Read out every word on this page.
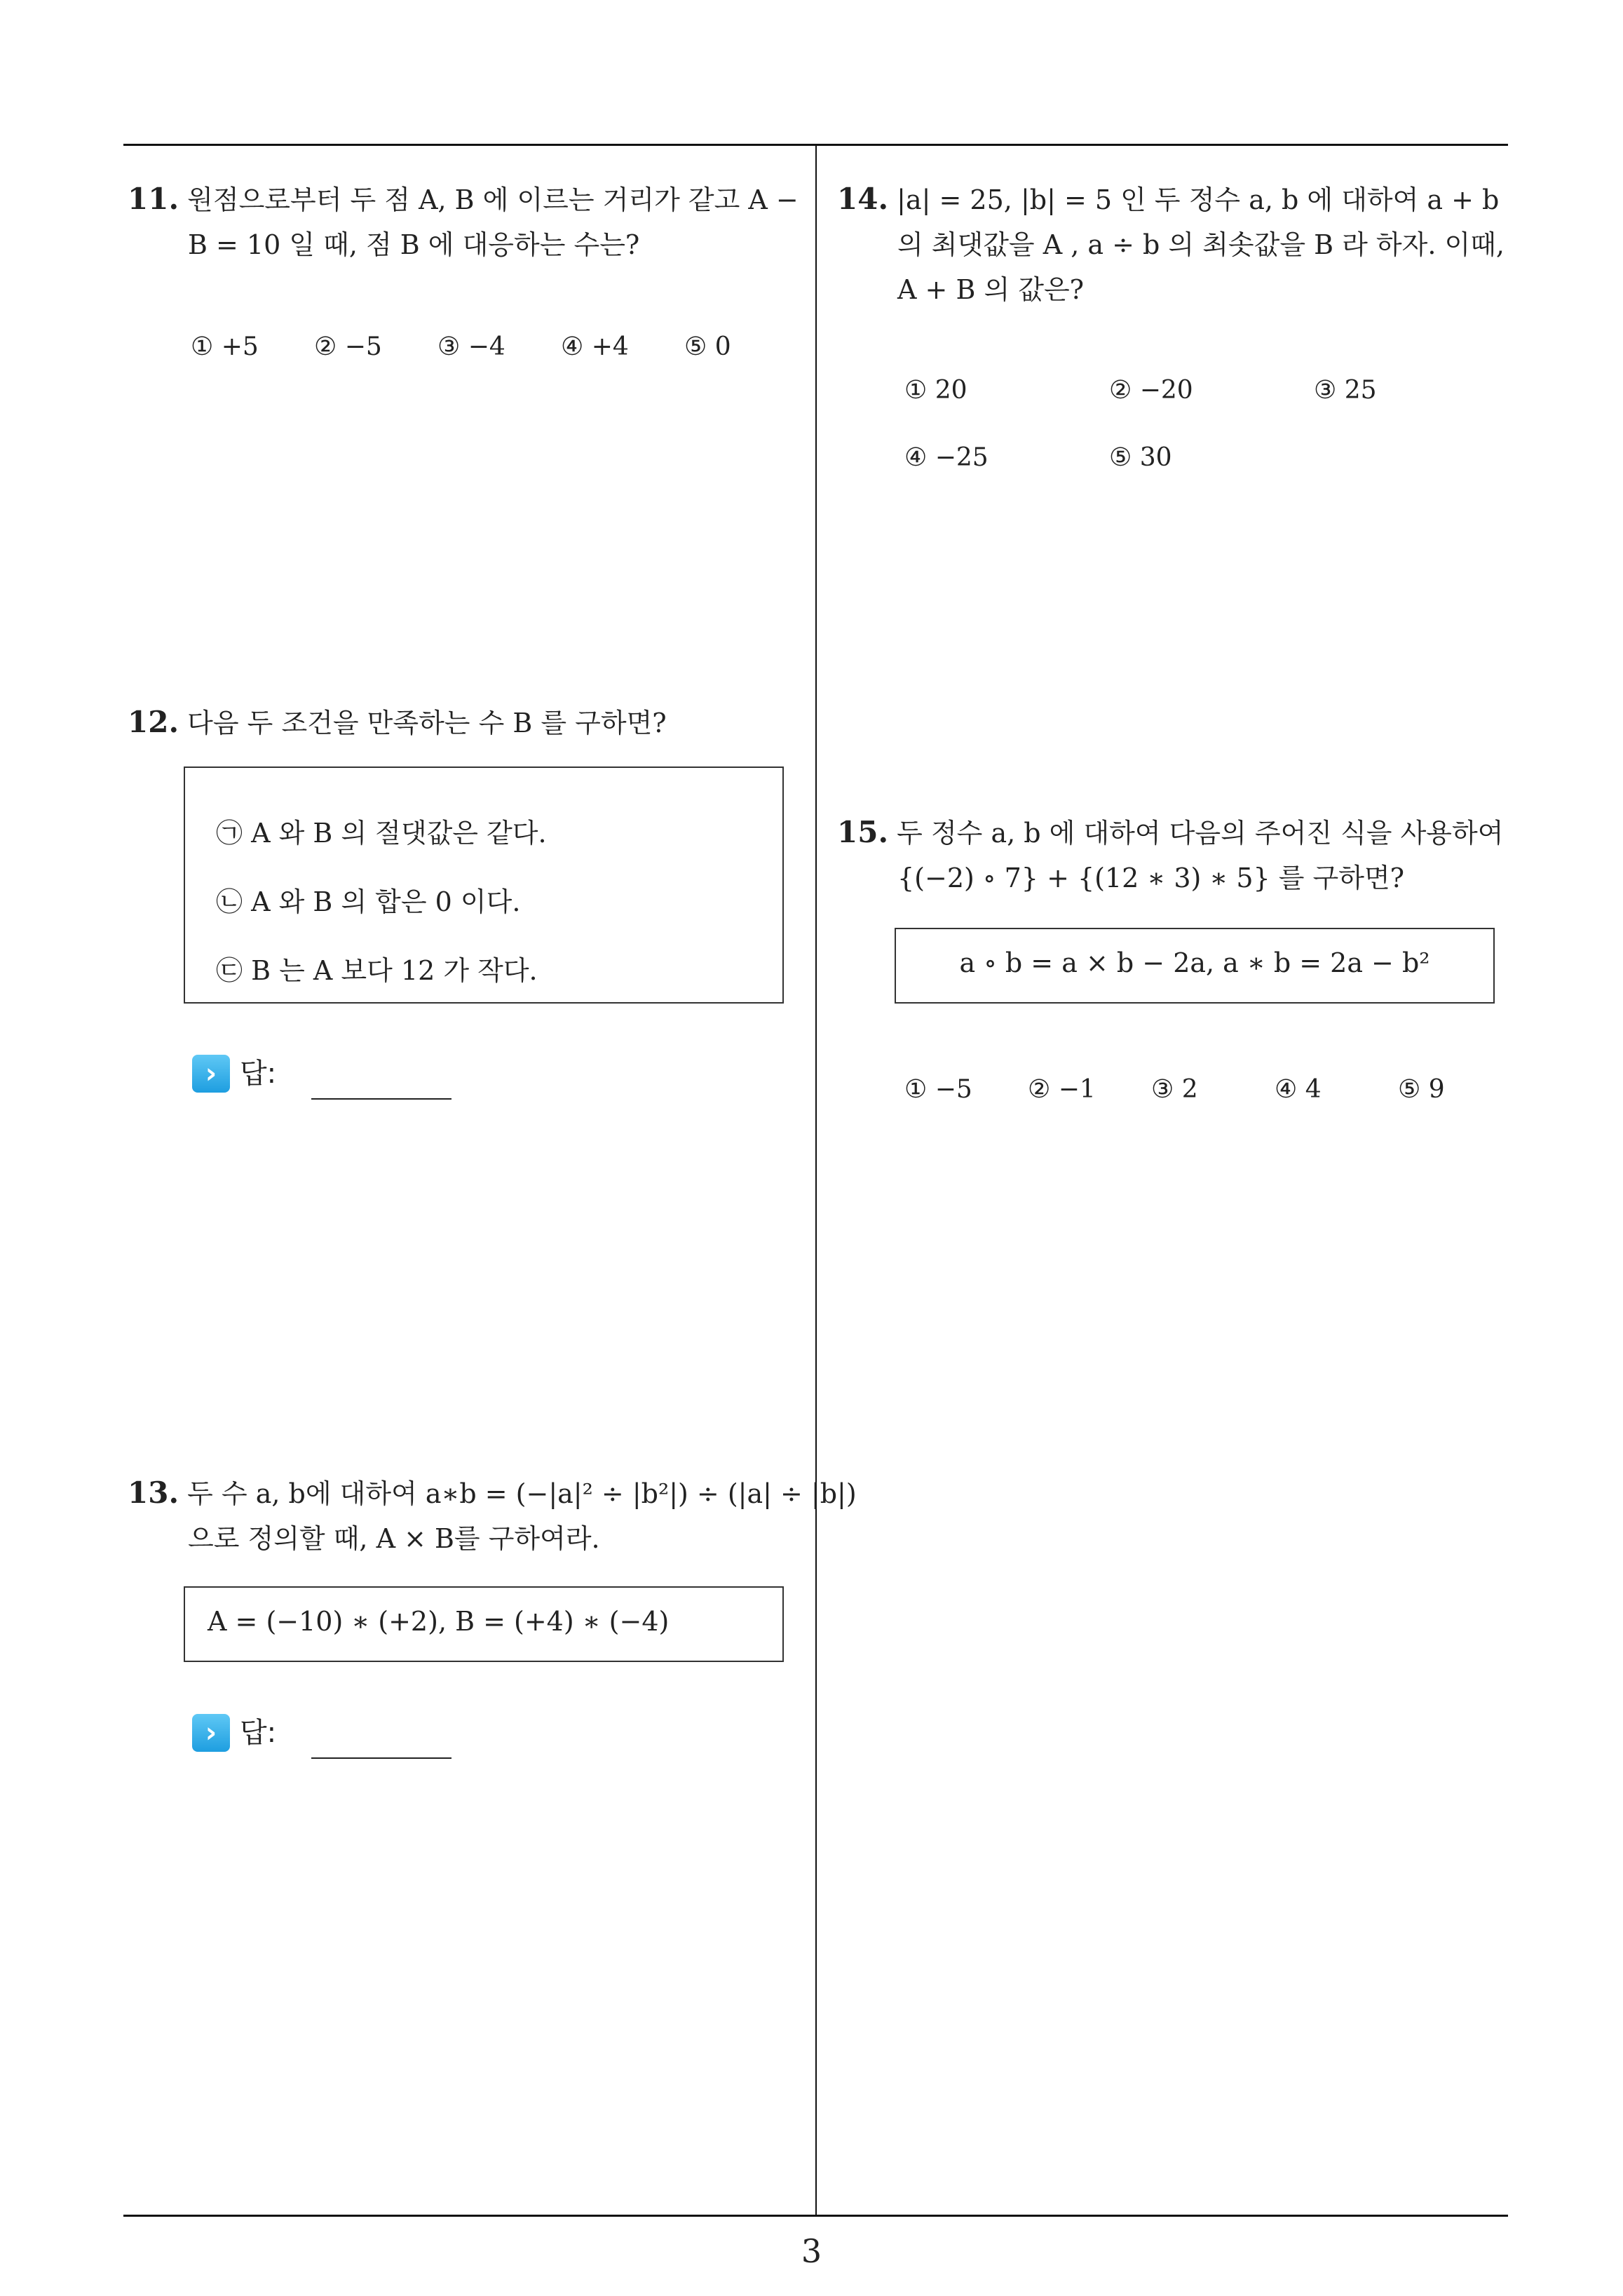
11. 원점으로부터 두 점 A, B 에 이르는 거리가 같고 A −
B = 10 일 때, 점 B 에 대응하는 수는?
① +5 ② −5 ③ −4 ④ +4 ⑤ 0
12. 다음 두 조건을 만족하는 수 B 를 구하면?
㉠ A 와 B 의 절댓값은 같다.
㉡ A 와 B 의 합은 0 이다.
㉢ B 는 A 보다 12 가 작다.
› 답:
13. 두 수 a, b에 대하여 a∗b = (−|a|² ÷ |b²|) ÷ (|a| ÷ |b|)
으로 정의할 때, A × B를 구하여라.
A = (−10) ∗ (+2), B = (+4) ∗ (−4)
› 답:
14. |a| = 25, |b| = 5 인 두 정수 a, b 에 대하여 a + b
의 최댓값을 A , a ÷ b 의 최솟값을 B 라 하자. 이때,
A + B 의 값은?
① 20	② −20	③ 25
④ −25	⑤ 30
15. 두 정수 a, b 에 대하여 다음의 주어진 식을 사용하여
{(−2) ∘ 7} + {(12 ∗ 3) ∗ 5} 를 구하면?
a ∘ b = a × b − 2a, a ∗ b = 2a − b²
① −5 ② −1 ③ 2	④ 4	⑤ 9
3
